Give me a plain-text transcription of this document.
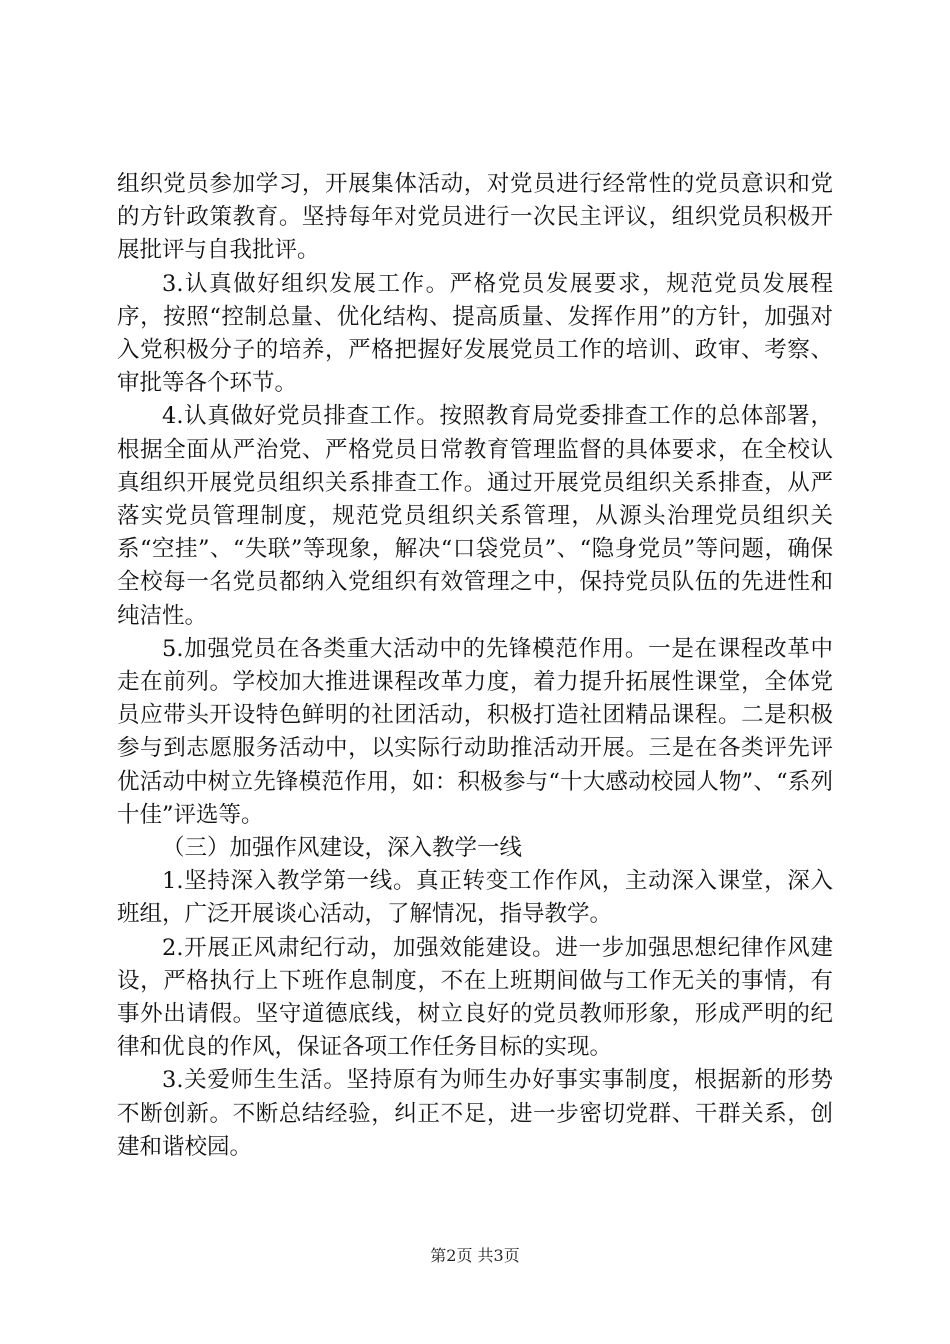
组织党员参加学习，开展集体活动，对党员进行经常性的党员意识和党的方针政策教育。坚持每年对党员进行一次民主评议，组织党员积极开展批评与自我批评。

3.认真做好组织发展工作。严格党员发展要求，规范党员发展程序，按照“控制总量、优化结构、提高质量、发挥作用”的方针，加强对入党积极分子的培养，严格把握好发展党员工作的培训、政审、考察、审批等各个环节。

4.认真做好党员排查工作。按照教育局党委排查工作的总体部署，根据全面从严治党、严格党员日常教育管理监督的具体要求，在全校认真组织开展党员组织关系排查工作。通过开展党员组织关系排查，从严落实党员管理制度，规范党员组织关系管理，从源头治理党员组织关系“空挂”、“失联”等现象，解决“口袋党员”、“隐身党员”等问题，确保全校每一名党员都纳入党组织有效管理之中，保持党员队伍的先进性和纯洁性。

5.加强党员在各类重大活动中的先锋模范作用。一是在课程改革中走在前列。学校加大推进课程改革力度，着力提升拓展性课堂，全体党员应带头开设特色鲜明的社团活动，积极打造社团精品课程。二是积极参与到志愿服务活动中，以实际行动助推活动开展。三是在各类评先评优活动中树立先锋模范作用，如：积极参与“十大感动校园人物”、“系列十佳”评选等。

（三）加强作风建设，深入教学一线

1.坚持深入教学第一线。真正转变工作作风，主动深入课堂，深入班组，广泛开展谈心活动，了解情况，指导教学。

2.开展正风肃纪行动，加强效能建设。进一步加强思想纪律作风建设，严格执行上下班作息制度，不在上班期间做与工作无关的事情，有事外出请假。坚守道德底线，树立良好的党员教师形象，形成严明的纪律和优良的作风，保证各项工作任务目标的实现。

3.关爱师生生活。坚持原有为师生办好事实事制度，根据新的形势不断创新。不断总结经验，纠正不足，进一步密切党群、干群关系，创建和谐校园。

第2页 共3页
